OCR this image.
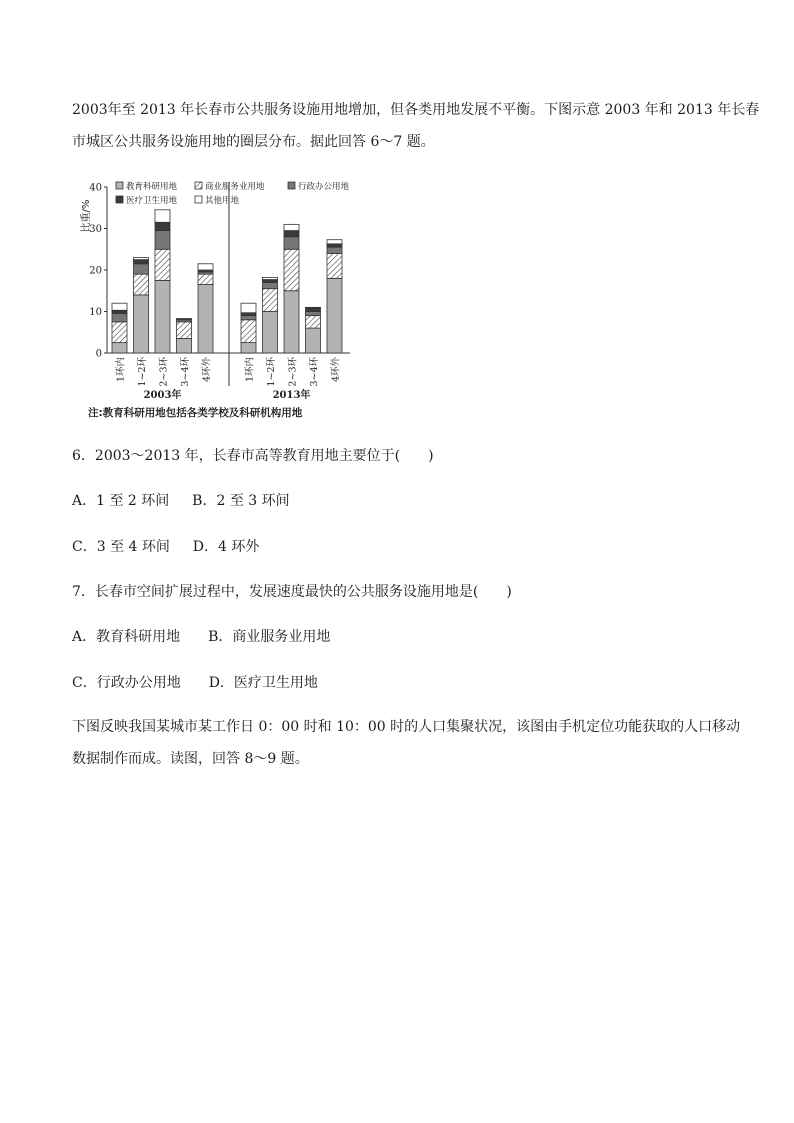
2003年至 2013 年长春市公共服务设施用地增加，但各类用地发展不平衡。下图示意 2003 年和 2013 年长春
市城区公共服务设施用地的圈层分布。据此回答 6～7 题。
教育科研用地	商业服务业用地	行政办公用地
医疗卫生用地	其他用地
0
10
20
30
40
比重/%
1环内 1~2环 2~3环 3~4环 4环外
2003年
1环内 1~2环 2~3环 3~4环 4环外
2013年
注:教育科研用地包括各类学校及科研机构用地
6．2003～2013 年，长春市高等教育用地主要位于(　　)
A．1 至 2 环间　  B．2 至 3 环间
C．3 至 4 环间　  D．4 环外
7．长春市空间扩展过程中，发展速度最快的公共服务设施用地是(　　)
A．教育科研用地　　B．商业服务业用地
C．行政办公用地　　D．医疗卫生用地
下图反映我国某城市某工作日 0：00 时和 10：00 时的人口集聚状况，该图由手机定位功能获取的人口移动
数据制作而成。读图，回答 8～9 题。
